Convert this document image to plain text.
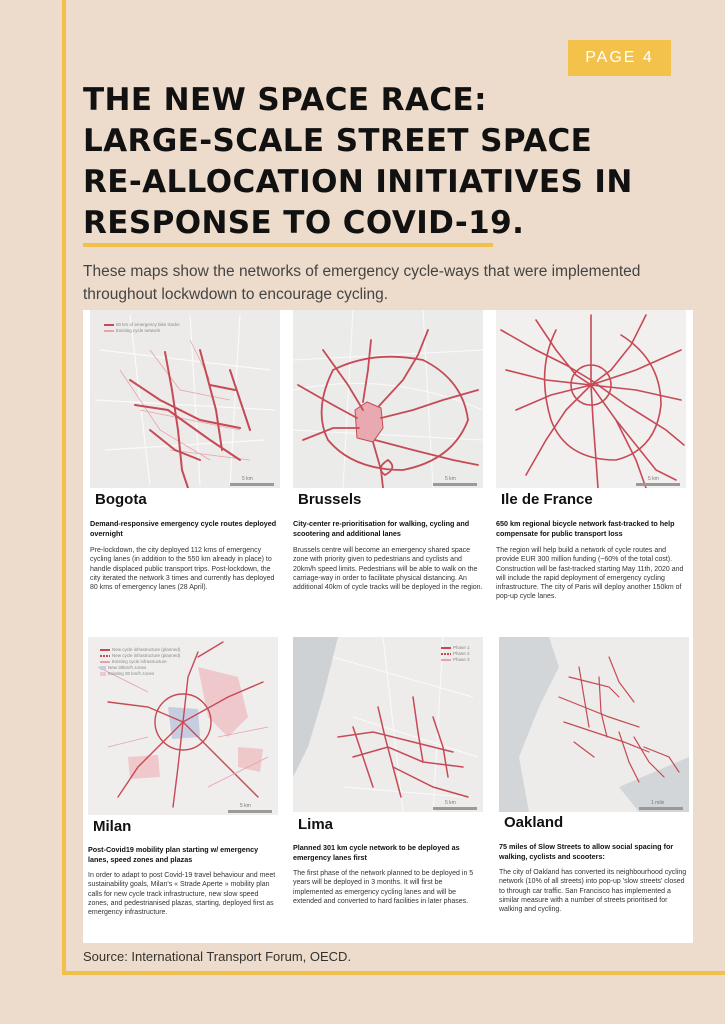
PAGE 4
THE NEW SPACE RACE:
LARGE-SCALE STREET SPACE
RE-ALLOCATION INITIATIVES IN
RESPONSE TO COVID-19.

These maps show the networks of emergency cycle-ways that were implemented throughout lockwdown to encourage cycling.

80 km of emergency bike tracks
Existing cycle network
5 km
Bogota

Demand-responsive emergency cycle routes deployed overnight

Pre-lockdown, the city deployed 112 kms of emergency cycling lanes (in addition to the 550 km already in place) to handle displaced public transport trips. Post-lockdown, the city iterated the network 3 times and currently has deployed 80 kms of emergency lanes (28 April).

5 km
Brussels

City-center re-prioritisation for walking, cycling and scootering and additional lanes

Brussels centre will become an emergency shared space zone with priority given to pedestrians and cyclists and 20km/h speed limits. Pedestrians will be able to walk on the carriage-way in order to facilitate physical distancing. An additional 40km of cycle tracks will be deployed in the region.

5 km
Ile de France

650 km regional bicycle network fast-tracked to help compensate for public transport loss

The region will help build a network of cycle routes and provide EUR 300 million funding (~60% of the total cost). Construction will be fast-tracked starting May 11th, 2020 and will include the rapid deployment of emergency cycling infrastructure. The city of Paris will deploy another 150km of pop-up cycle lanes.

New cycle infrastructure (planned)
New cycle infrastructure (planned)
Existing cycle infrastructure
New 30km/h zones
Existing 30 km/h zones
5 km
Milan

Post-Covid19 mobility plan starting w/ emergency lanes, speed zones and plazas

In order to adapt to post Covid-19 travel behaviour and meet sustainability goals, Milan's « Strade Aperte » mobility plan calls for new cycle track infrastructure, new slow speed zones, and pedestrianised plazas, starting, deployed first as emergency infrastructure.

Phase 1
Phase 2
Phase 3
5 km
Lima

Planned 301 km cycle network to be deployed as emergency lanes first

The first phase of the network planned to be deployed in 5 years will be deployed in 3 months. It will first be implemented as emergency cycling lanes and will be extended and converted to hard facilities in later phases.

1 mile
Oakland

75 miles of Slow Streets to allow social spacing for walking, cyclists and scooters:

The city of Oakland has converted its neighbourhood cycling network (10% of all streets) into pop-up 'slow streets' closed to through car traffic. San Francisco has implemented a similar measure with a number of streets prioritised for walking and cycling.

Source: International Transport Forum, OECD.
